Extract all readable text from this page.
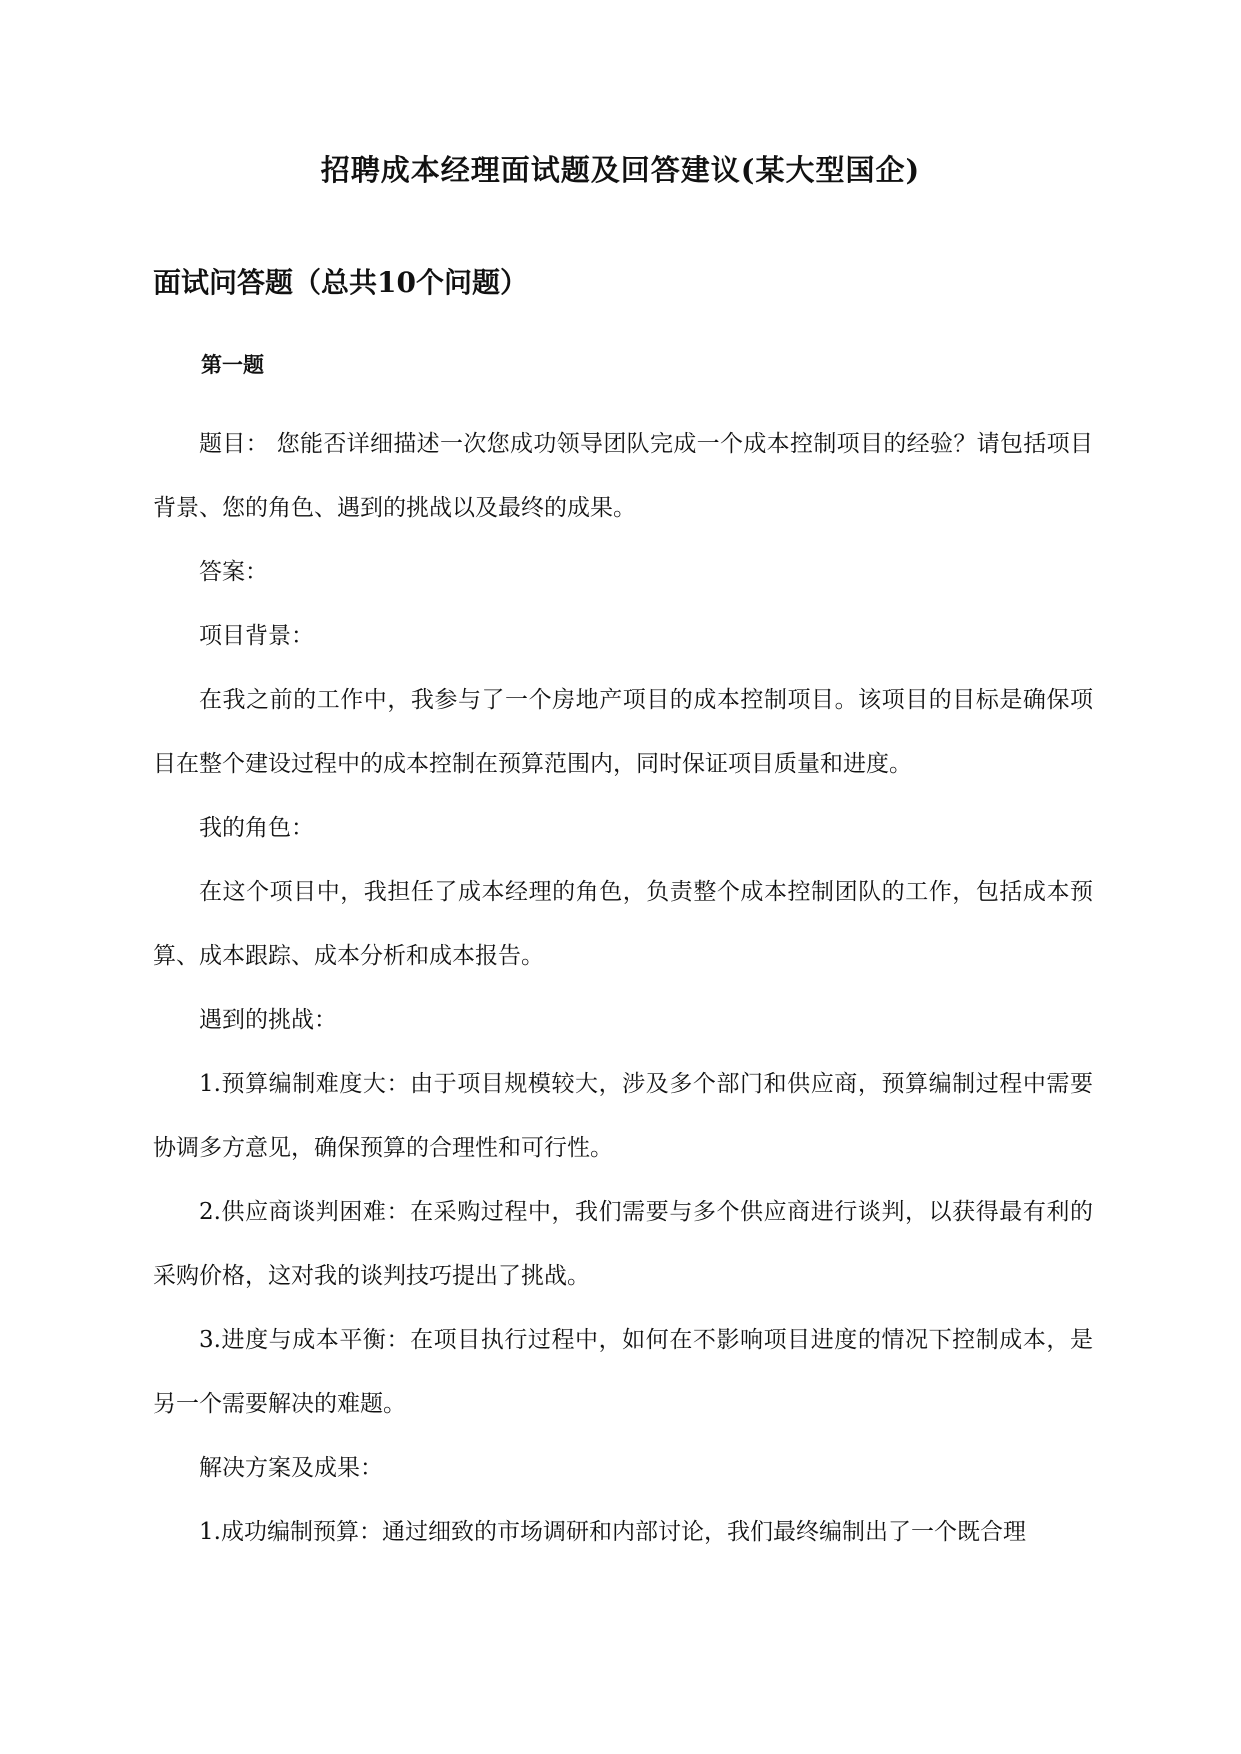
招聘成本经理面试题及回答建议(某大型国企)
面试问答题（总共10个问题）
第一题

题目： 您能否详细描述一次您成功领导团队完成一个成本控制项目的经验？请包括项目背景、您的角色、遇到的挑战以及最终的成果。

答案：

项目背景：

在我之前的工作中，我参与了一个房地产项目的成本控制项目。该项目的目标是确保项目在整个建设过程中的成本控制在预算范围内，同时保证项目质量和进度。

我的角色：

在这个项目中，我担任了成本经理的角色，负责整个成本控制团队的工作，包括成本预算、成本跟踪、成本分析和成本报告。

遇到的挑战：

1.预算编制难度大：由于项目规模较大，涉及多个部门和供应商，预算编制过程中需要协调多方意见，确保预算的合理性和可行性。

2.供应商谈判困难：在采购过程中，我们需要与多个供应商进行谈判，以获得最有利的采购价格，这对我的谈判技巧提出了挑战。

3.进度与成本平衡：在项目执行过程中，如何在不影响项目进度的情况下控制成本，是另一个需要解决的难题。

解决方案及成果：

1.成功编制预算：通过细致的市场调研和内部讨论，我们最终编制出了一个既合理
